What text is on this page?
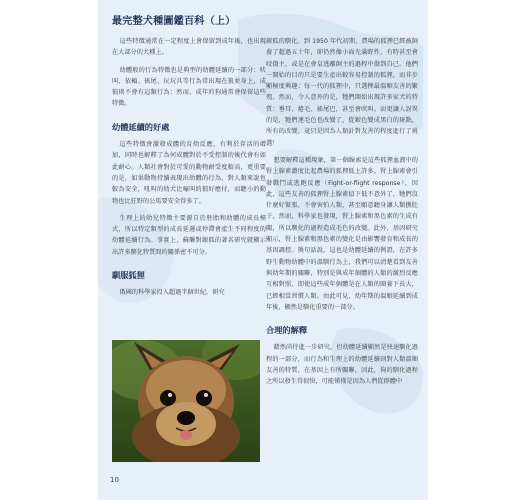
最完整犬種圖鑑百科（上）

這些特徵通常在一定程度上會保留到成年後，也出現在大部分的犬種上。

幼體般的行為特徵也是典型的幼體延續的一部分：吠叫、依賴、搖尾、玩玩具等行為常出現在狼並身上，成狼則不會有這類行為；然而，成年的狗通常會保留這些特徵。

幼體延續的好處

這些特徵會激發成體的育幼反應，有利於存活的增加，同時也解釋了為何成體對於不受控制的後代會有如此耐心。人類社會對於可愛的動物耐受度較高，更重要的是，如果動物持續表現出幼體的行為，對人類來說也較為安全，吼叫的幼犬比嚎叫的狼好應付，而聽小的動物也比狂野的公馬要安全得多了。

生理上的幼兒特徵主要源自於胚胎和幼體的成長模式，所以特定類型的成長延遲或停滯會產生不同程度的幼體延續行為。事實上，蘇聯對銀狐的著名研究就顯示出許多馴化特質間的關係密不可分。

馴服狐狸

俄國的科學家投入超過半個世紀，研究

銀狐的馴化。到 1950 年代初期，農場的狐狸已經被飼養了超過五十年，卻仍然像小面光滿野性，有時甚至會咬傷主，或是在會皇逃離飼主的過程中傷到自己。他們一開始的目的只是要生產出較容易控制的狐狸，而非步顯極度興趣；每一代的狐狸中，只選擇最溫順友善的繁殖。然而，令人意外的是，牠們開始出現許多家犬的特質：垂耳、捲毛、搖尾巴，甚至會吠叫。而更讓人訝異的是，牠們連毛色也改變了，從銀色變成黑白的斑點，所有的改變，竟只是因為人類針對友善的程度進行了挑選！

想要解釋這種現象，第一個線索是這些狐狸血液中的腎上腺素濃度比起農場的狐狸低上許多。腎上腺素會引發戰鬥或逃跑反應（Fight-or-flight response），因此，這些友善的狐狸腎上腺素值下低不意外了，牠們沒什麼好緊張，不會害怕人類，甚至願意聽身讓人類撫肚子，然而，科學家也發現，腎上腺素和黑色素的生成有關，所以馴化的過程造成毛色的改變。此外，基因研究顯示，腎上腺素和黑色素的變化是由影響發育和成長的基因調控。換句話說，這也是幼體延續的例證，在許多野生動物幼體中的溫馴行為上，我們可以清楚看到友善與幼年期的關聯，特別是與成年個體的人類的激烈反應互相對照，即使這些成年個體是在人類的圈養下長大，已經相當習慣人類。由此可見，幼年期的溫順延續到成年後，顯然是馴化重要的一部分。

合理的解釋

藉然尚待進一步研究，但幼體延續顯然是快速馴化過程的一部分，而行為和生理上的幼體延續則對人類溫順友善的特質，在基因上有所關聯，因此，狗的馴化過程之所以發生得很快，可能僅僅是因為人們從群體中

10
